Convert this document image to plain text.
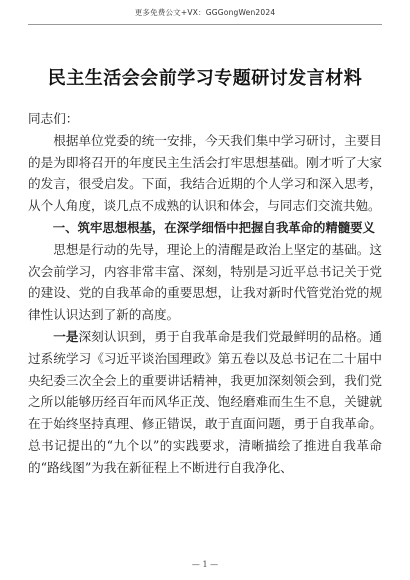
更多免费公文+VX：GGGongWen2024
民主生活会会前学习专题研讨发言材料

同志们：

根据单位党委的统一安排，今天我们集中学习研讨，主要目的是为即将召开的年度民主生活会打牢思想基础。刚才听了大家的发言，很受启发。下面，我结合近期的个人学习和深入思考，从个人角度，谈几点不成熟的认识和体会，与同志们交流共勉。

一、筑牢思想根基，在深学细悟中把握自我革命的精髓要义

思想是行动的先导，理论上的清醒是政治上坚定的基础。这次会前学习，内容非常丰富、深刻，特别是习近平总书记关于党的建设、党的自我革命的重要思想，让我对新时代管党治党的规律性认识达到了新的高度。

一是深刻认识到，勇于自我革命是我们党最鲜明的品格。通过系统学习《习近平谈治国理政》第五卷以及总书记在二十届中央纪委三次全会上的重要讲话精神，我更加深刻领会到，我们党之所以能够历经百年而风华正茂、饱经磨难而生生不息，关键就在于始终坚持真理、修正错误，敢于直面问题，勇于自我革命。总书记提出的“九个以”的实践要求，清晰描绘了推进自我革命的“路线图”为我在新征程上不断进行自我净化、

— 1 —
